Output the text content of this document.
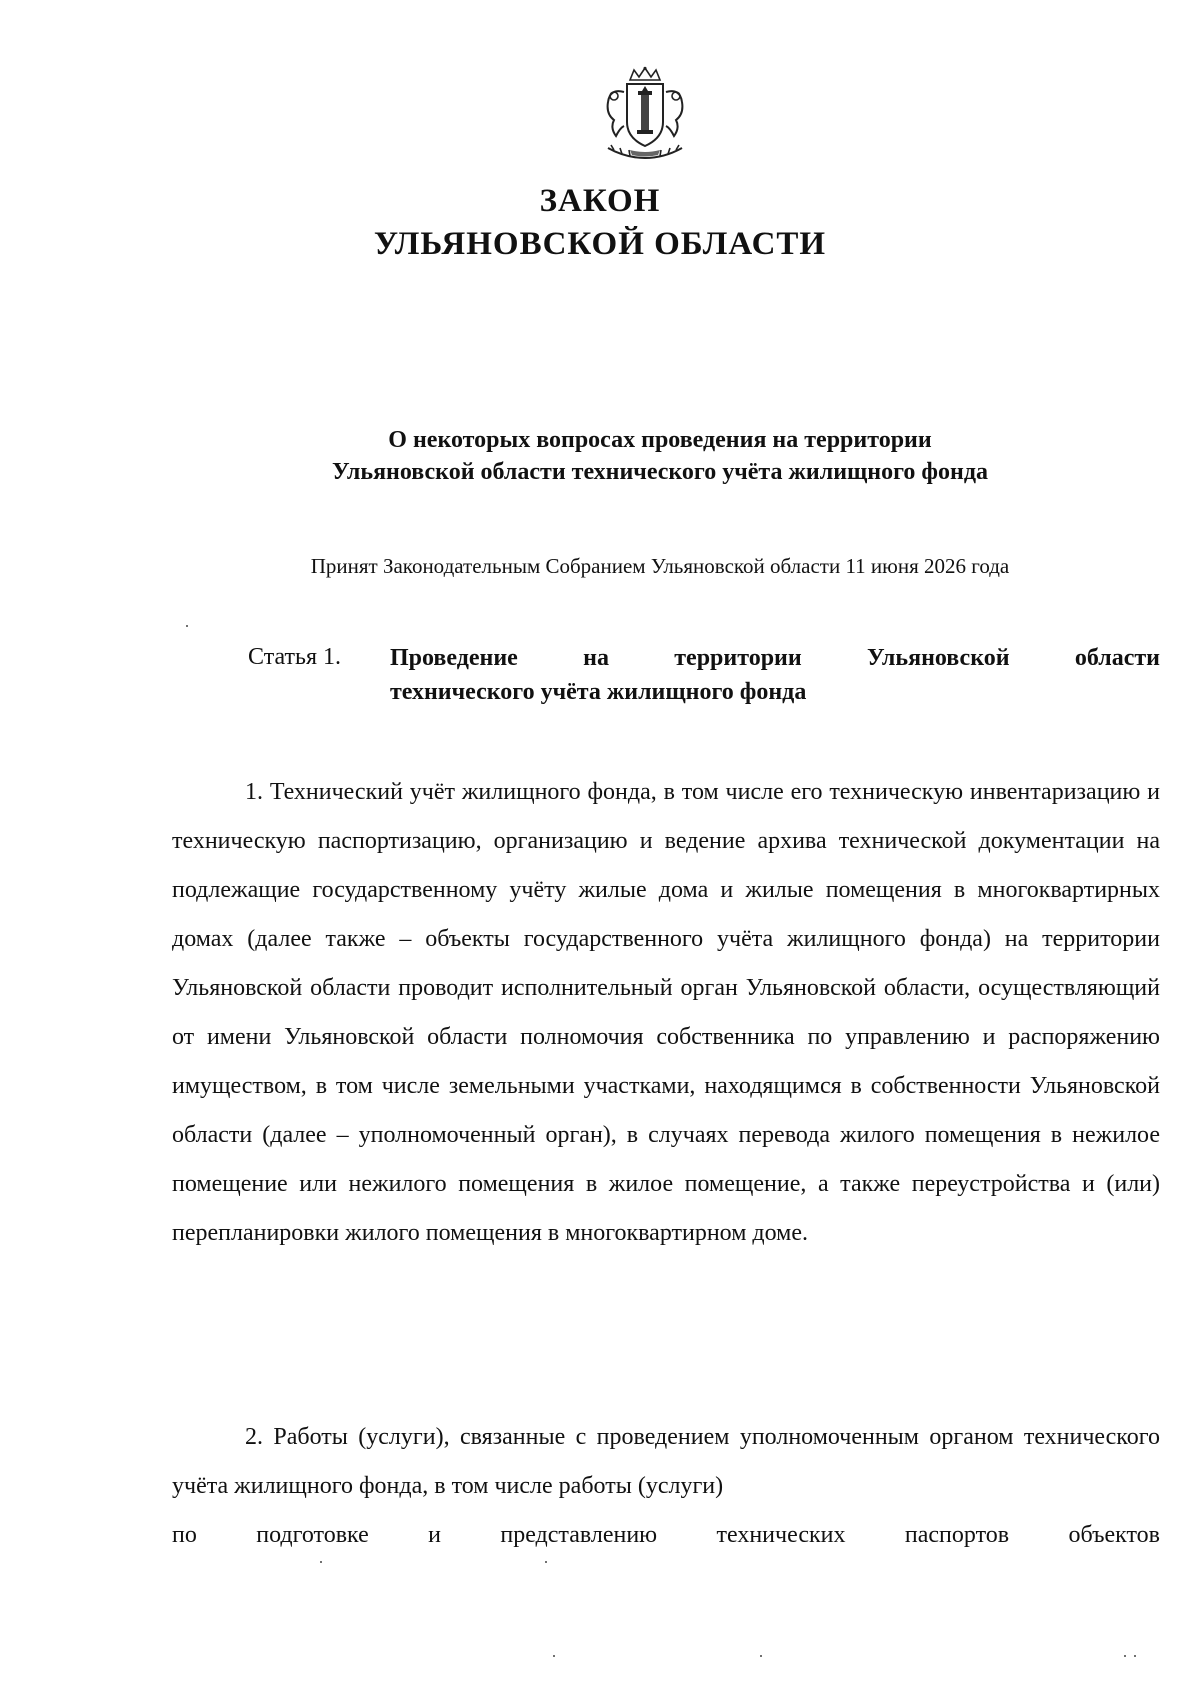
ЗАКОН
УЛЬЯНОВСКОЙ ОБЛАСТИ
О некоторых вопросах проведения на территории
Ульяновской области технического учёта жилищного фонда
Принят Законодательным Собранием Ульяновской области 11 июня 2026 года
Статья 1. Проведение на территории Ульяновской области
технического учёта жилищного фонда
1. Технический учёт жилищного фонда, в том числе его техническую инвентаризацию и техническую паспортизацию, организацию и ведение архива технической документации на подлежащие государственному учёту жилые дома и жилые помещения в многоквартирных домах (далее также – объекты государственного учёта жилищного фонда) на территории Ульяновской области проводит исполнительный орган Ульяновской области, осуществляющий от имени Ульяновской области полномочия собственника по управлению и распоряжению имуществом, в том числе земельными участками, находящимся в собственности Ульяновской области (далее – уполномоченный орган), в случаях перевода жилого помещения в нежилое помещение или нежилого помещения в жилое помещение, а также переустройства и (или) перепланировки жилого помещения в многоквартирном доме.
2. Работы (услуги), связанные с проведением уполномоченным органом технического учёта жилищного фонда, в том числе работы (услуги)
по подготовке и представлению технических паспортов объектов
